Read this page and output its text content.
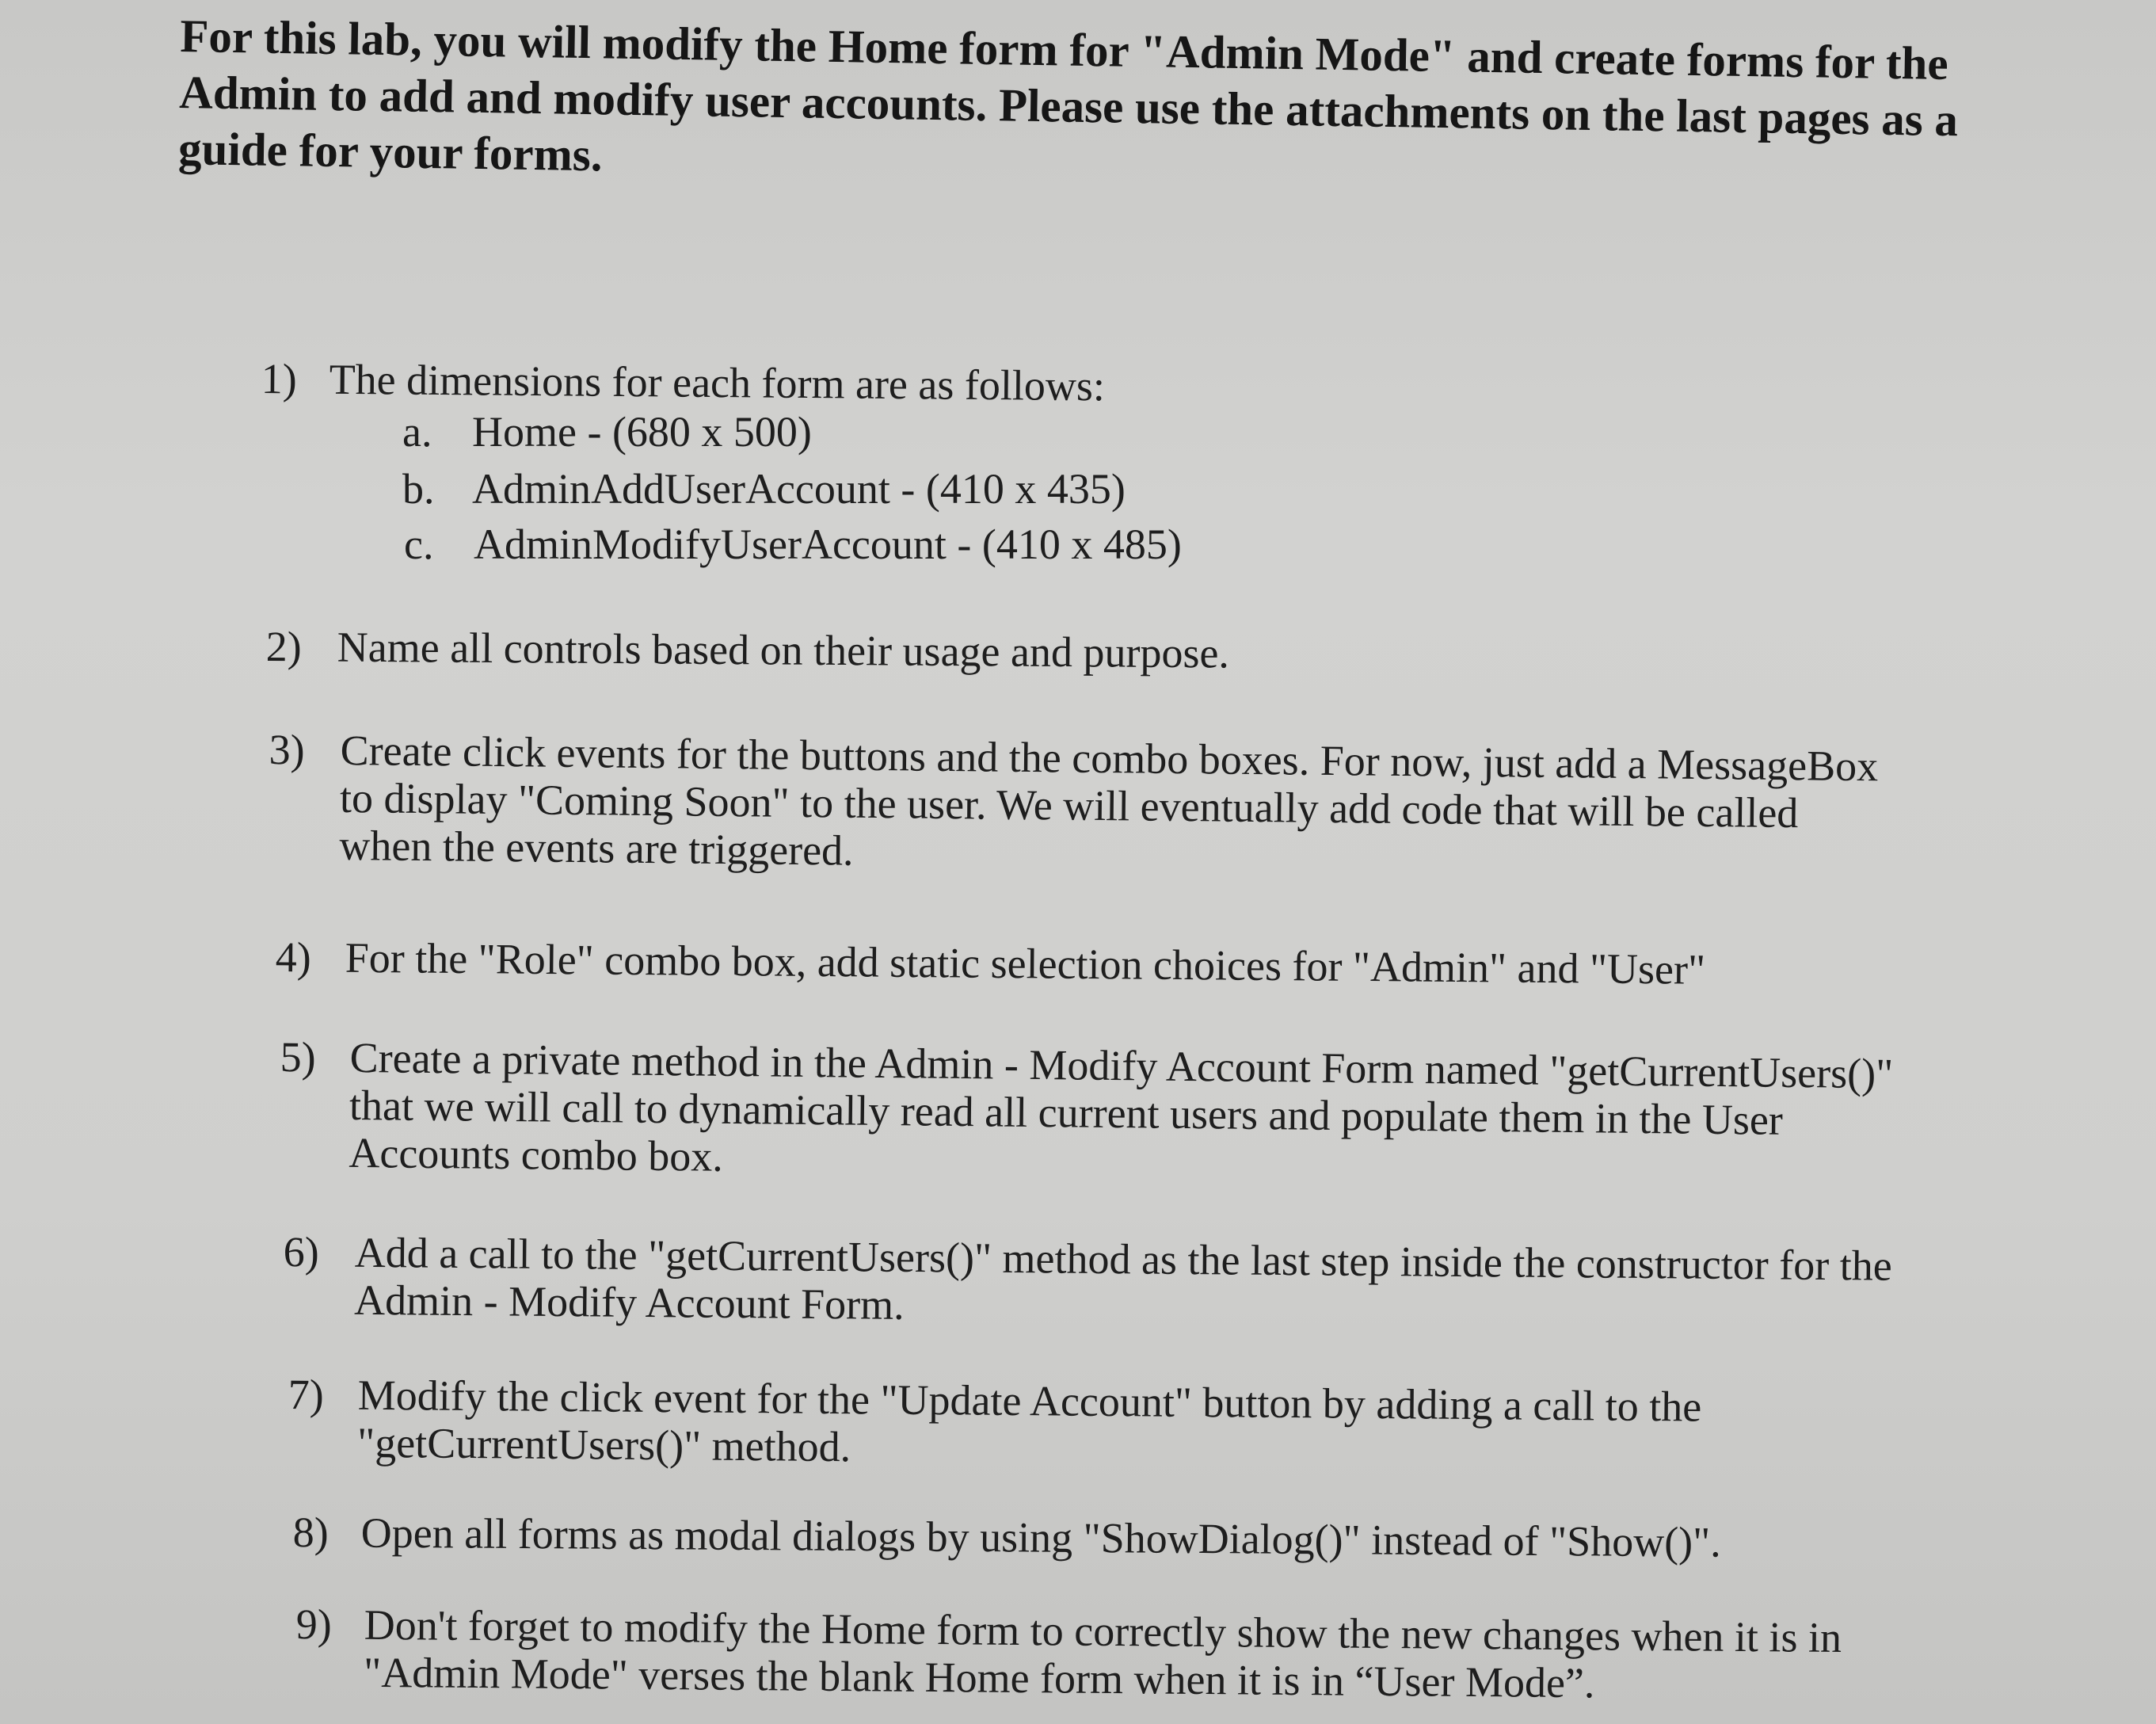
For this lab, you will modify the Home form for "Admin Mode" and create forms for the Admin to add and modify user accounts. Please use the attachments on the last pages as a guide for your forms.
1) The dimensions for each form are as follows:
a. Home - (680 x 500)
b. AdminAddUserAccount - (410 x 435)
c. AdminModifyUserAccount - (410 x 485)
2) Name all controls based on their usage and purpose.
3) Create click events for the buttons and the combo boxes. For now, just add a MessageBox to display "Coming Soon" to the user. We will eventually add code that will be called when the events are triggered.
4) For the "Role" combo box, add static selection choices for "Admin" and "User"
5) Create a private method in the Admin - Modify Account Form named "getCurrentUsers()" that we will call to dynamically read all current users and populate them in the User Accounts combo box.
6) Add a call to the "getCurrentUsers()" method as the last step inside the constructor for the Admin - Modify Account Form.
7) Modify the click event for the "Update Account" button by adding a call to the "getCurrentUsers()" method.
8) Open all forms as modal dialogs by using "ShowDialog()" instead of "Show()".
9) Don't forget to modify the Home form to correctly show the new changes when it is in "Admin Mode" verses the blank Home form when it is in “User Mode”.
